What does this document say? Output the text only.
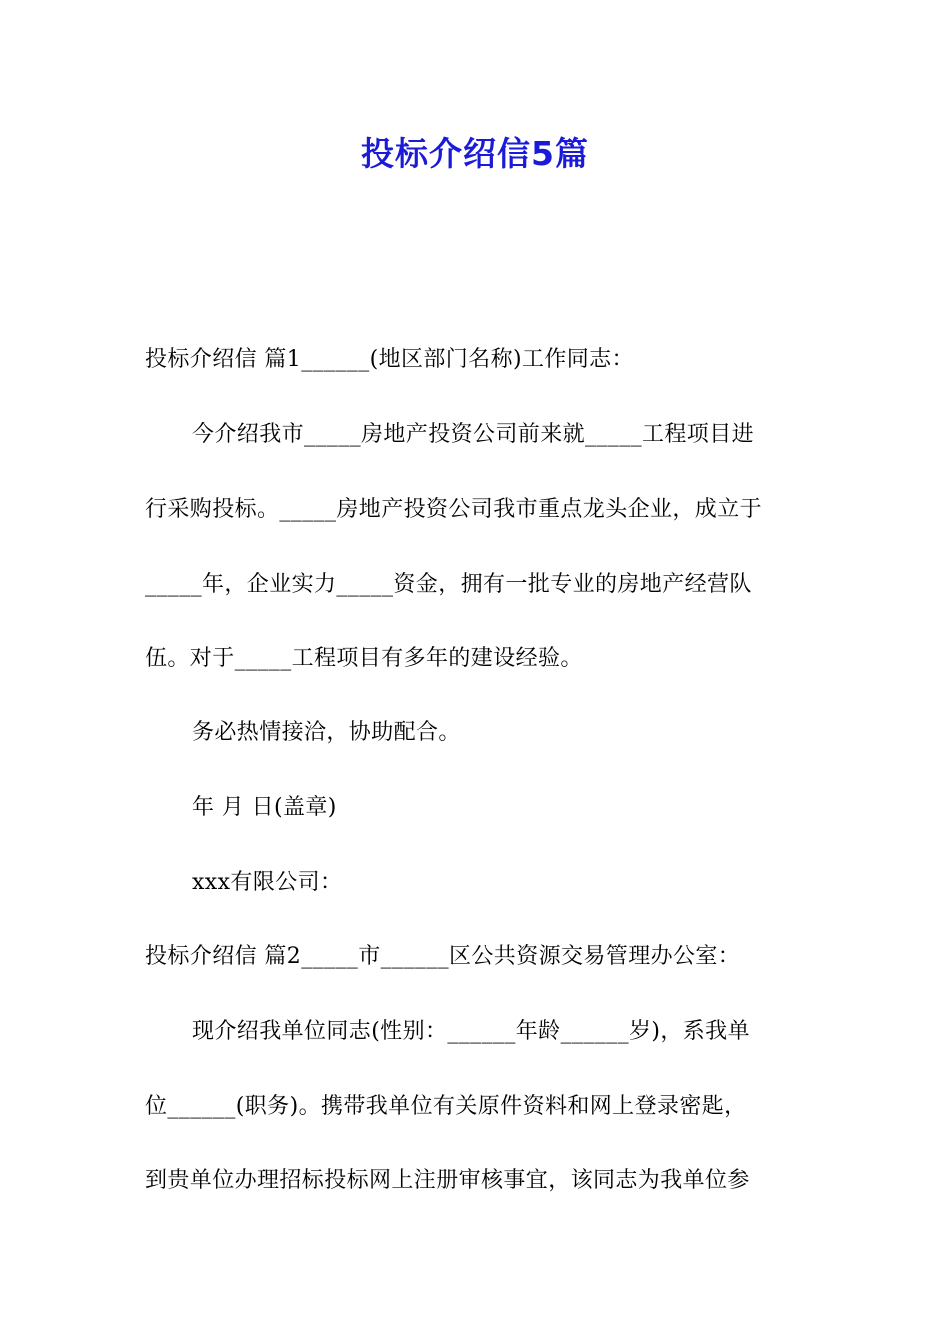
投标介绍信5篇
投标介绍信 篇1______(地区部门名称)工作同志：
今介绍我市_____房地产投资公司前来就_____工程项目进
行采购投标。_____房地产投资公司我市重点龙头企业，成立于
_____年，企业实力_____资金，拥有一批专业的房地产经营队
伍。对于_____工程项目有多年的建设经验。
务必热情接洽，协助配合。
年 月 日(盖章)
xxx有限公司：
投标介绍信 篇2_____市______区公共资源交易管理办公室：
现介绍我单位同志(性别：______年龄______岁)，系我单
位______(职务)。携带我单位有关原件资料和网上登录密匙，
到贵单位办理招标投标网上注册审核事宜，该同志为我单位参
